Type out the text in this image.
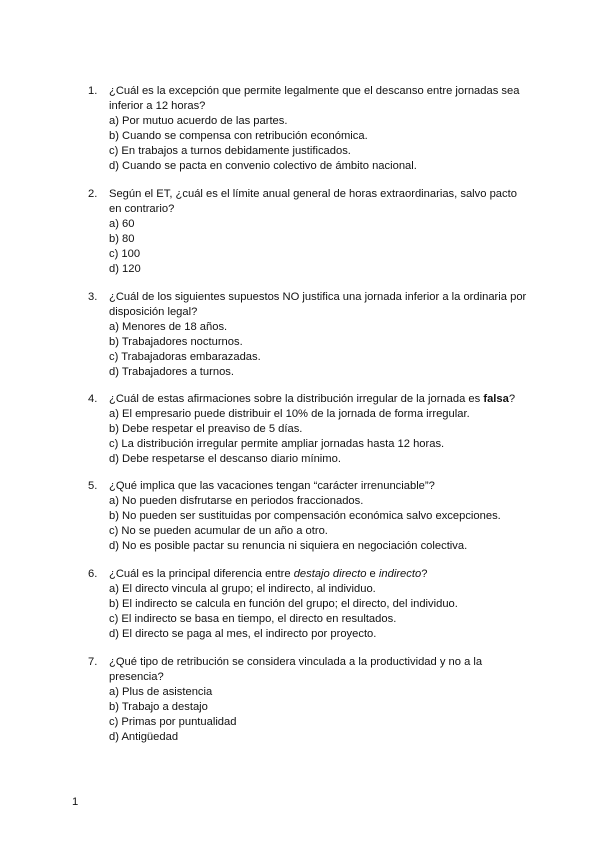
1. ¿Cuál es la excepción que permite legalmente que el descanso entre jornadas sea inferior a 12 horas?
a) Por mutuo acuerdo de las partes.
b) Cuando se compensa con retribución económica.
c) En trabajos a turnos debidamente justificados.
d) Cuando se pacta en convenio colectivo de ámbito nacional.
2. Según el ET, ¿cuál es el límite anual general de horas extraordinarias, salvo pacto en contrario?
a) 60
b) 80
c) 100
d) 120
3. ¿Cuál de los siguientes supuestos NO justifica una jornada inferior a la ordinaria por disposición legal?
a) Menores de 18 años.
b) Trabajadores nocturnos.
c) Trabajadoras embarazadas.
d) Trabajadores a turnos.
4. ¿Cuál de estas afirmaciones sobre la distribución irregular de la jornada es falsa?
a) El empresario puede distribuir el 10% de la jornada de forma irregular.
b) Debe respetar el preaviso de 5 días.
c) La distribución irregular permite ampliar jornadas hasta 12 horas.
d) Debe respetarse el descanso diario mínimo.
5. ¿Qué implica que las vacaciones tengan “carácter irrenunciable”?
a) No pueden disfrutarse en periodos fraccionados.
b) No pueden ser sustituidas por compensación económica salvo excepciones.
c) No se pueden acumular de un año a otro.
d) No es posible pactar su renuncia ni siquiera en negociación colectiva.
6. ¿Cuál es la principal diferencia entre destajo directo e indirecto?
a) El directo vincula al grupo; el indirecto, al individuo.
b) El indirecto se calcula en función del grupo; el directo, del individuo.
c) El indirecto se basa en tiempo, el directo en resultados.
d) El directo se paga al mes, el indirecto por proyecto.
7. ¿Qué tipo de retribución se considera vinculada a la productividad y no a la presencia?
a) Plus de asistencia
b) Trabajo a destajo
c) Primas por puntualidad
d) Antigüedad
1
